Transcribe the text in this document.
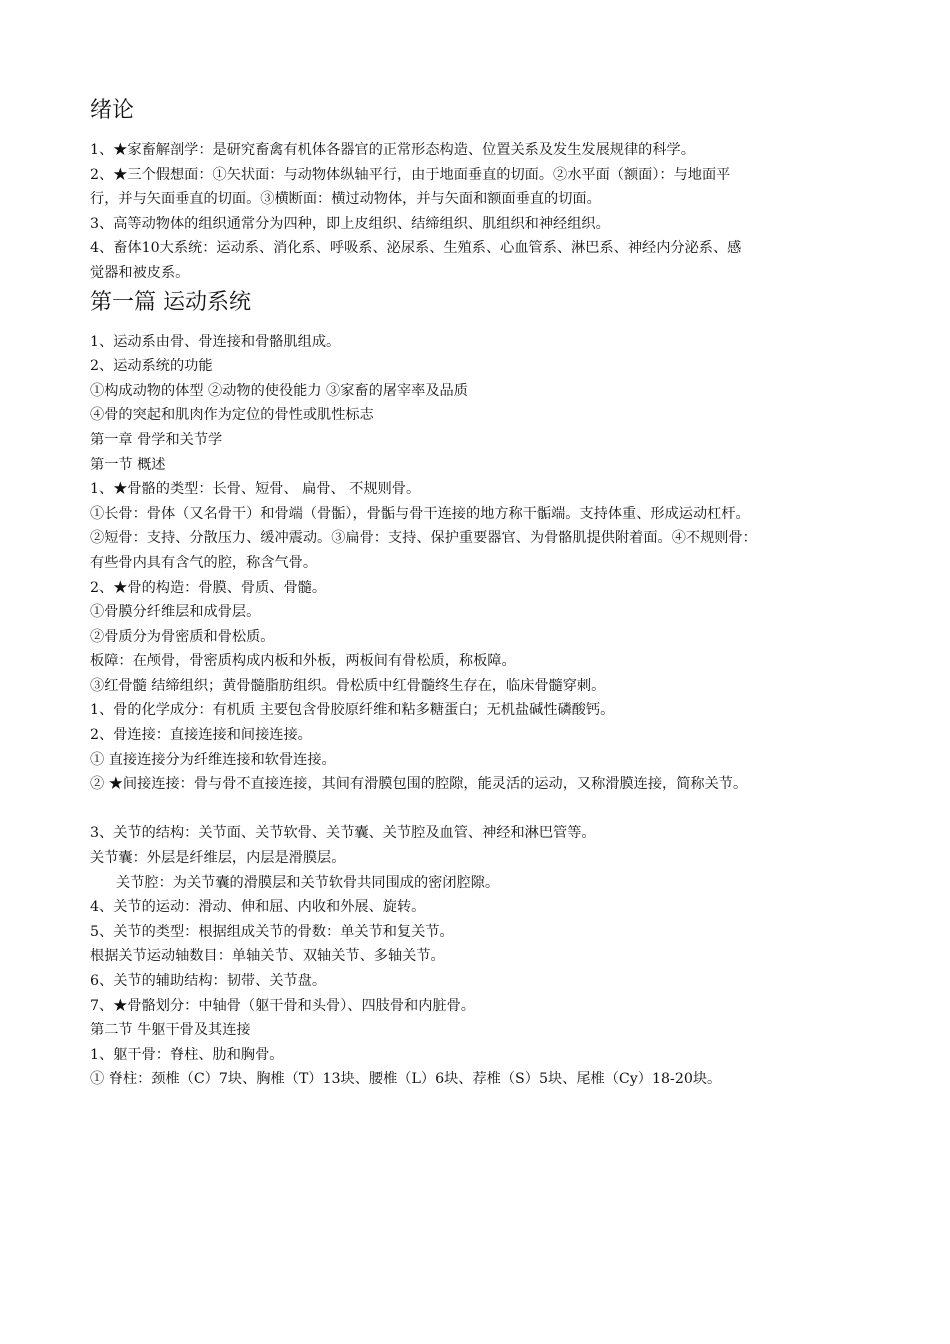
绪论

1、★家畜解剖学：是研究畜禽有机体各器官的正常形态构造、位置关系及发生发展规律的科学。

2、★三个假想面：①矢状面：与动物体纵轴平行，由于地面垂直的切面。②水平面（额面）：与地面平

行，并与矢面垂直的切面。③横断面：横过动物体，并与矢面和额面垂直的切面。

3、高等动物体的组织通常分为四种，即上皮组织、结缔组织、肌组织和神经组织。

4、畜体10大系统：运动系、消化系、呼吸系、泌尿系、生殖系、心血管系、淋巴系、神经内分泌系、感

觉器和被皮系。

第一篇 运动系统

1、运动系由骨、骨连接和骨骼肌组成。

2、运动系统的功能

①构成动物的体型 ②动物的使役能力 ③家畜的屠宰率及品质

④骨的突起和肌肉作为定位的骨性或肌性标志

第一章 骨学和关节学

第一节 概述

1、★骨骼的类型：长骨、短骨、 扁骨、 不规则骨。

①长骨：骨体（又名骨干）和骨端（骨骺），骨骺与骨干连接的地方称干骺端。支持体重、形成运动杠杆。

②短骨：支持、分散压力、缓冲震动。③扁骨：支持、保护重要器官、为骨骼肌提供附着面。④不规则骨：

有些骨内具有含气的腔，称含气骨。

2、★骨的构造：骨膜、骨质、骨髓。

①骨膜分纤维层和成骨层。

②骨质分为骨密质和骨松质。

板障：在颅骨，骨密质构成内板和外板，两板间有骨松质，称板障。

③红骨髓 结缔组织；黄骨髓脂肪组织。骨松质中红骨髓终生存在，临床骨髓穿刺。

1、骨的化学成分：有机质 主要包含骨胶原纤维和粘多糖蛋白；无机盐碱性磷酸钙。

2、骨连接：直接连接和间接连接。

① 直接连接分为纤维连接和软骨连接。

② ★间接连接：骨与骨不直接连接，其间有滑膜包围的腔隙，能灵活的运动，又称滑膜连接，简称关节。

3、关节的结构：关节面、关节软骨、关节囊、关节腔及血管、神经和淋巴管等。

关节囊：外层是纤维层，内层是滑膜层。

关节腔：为关节囊的滑膜层和关节软骨共同围成的密闭腔隙。

4、关节的运动：滑动、伸和屈、内收和外展、旋转。

5、关节的类型：根据组成关节的骨数：单关节和复关节。

根据关节运动轴数目：单轴关节、双轴关节、多轴关节。

6、关节的辅助结构：韧带、关节盘。

7、★骨骼划分：中轴骨（躯干骨和头骨）、四肢骨和内脏骨。

第二节 牛躯干骨及其连接

1、躯干骨：脊柱、肋和胸骨。

① 脊柱：颈椎（C）7块、胸椎（T）13块、腰椎（L）6块、荐椎（S）5块、尾椎（Cy）18-20块。
